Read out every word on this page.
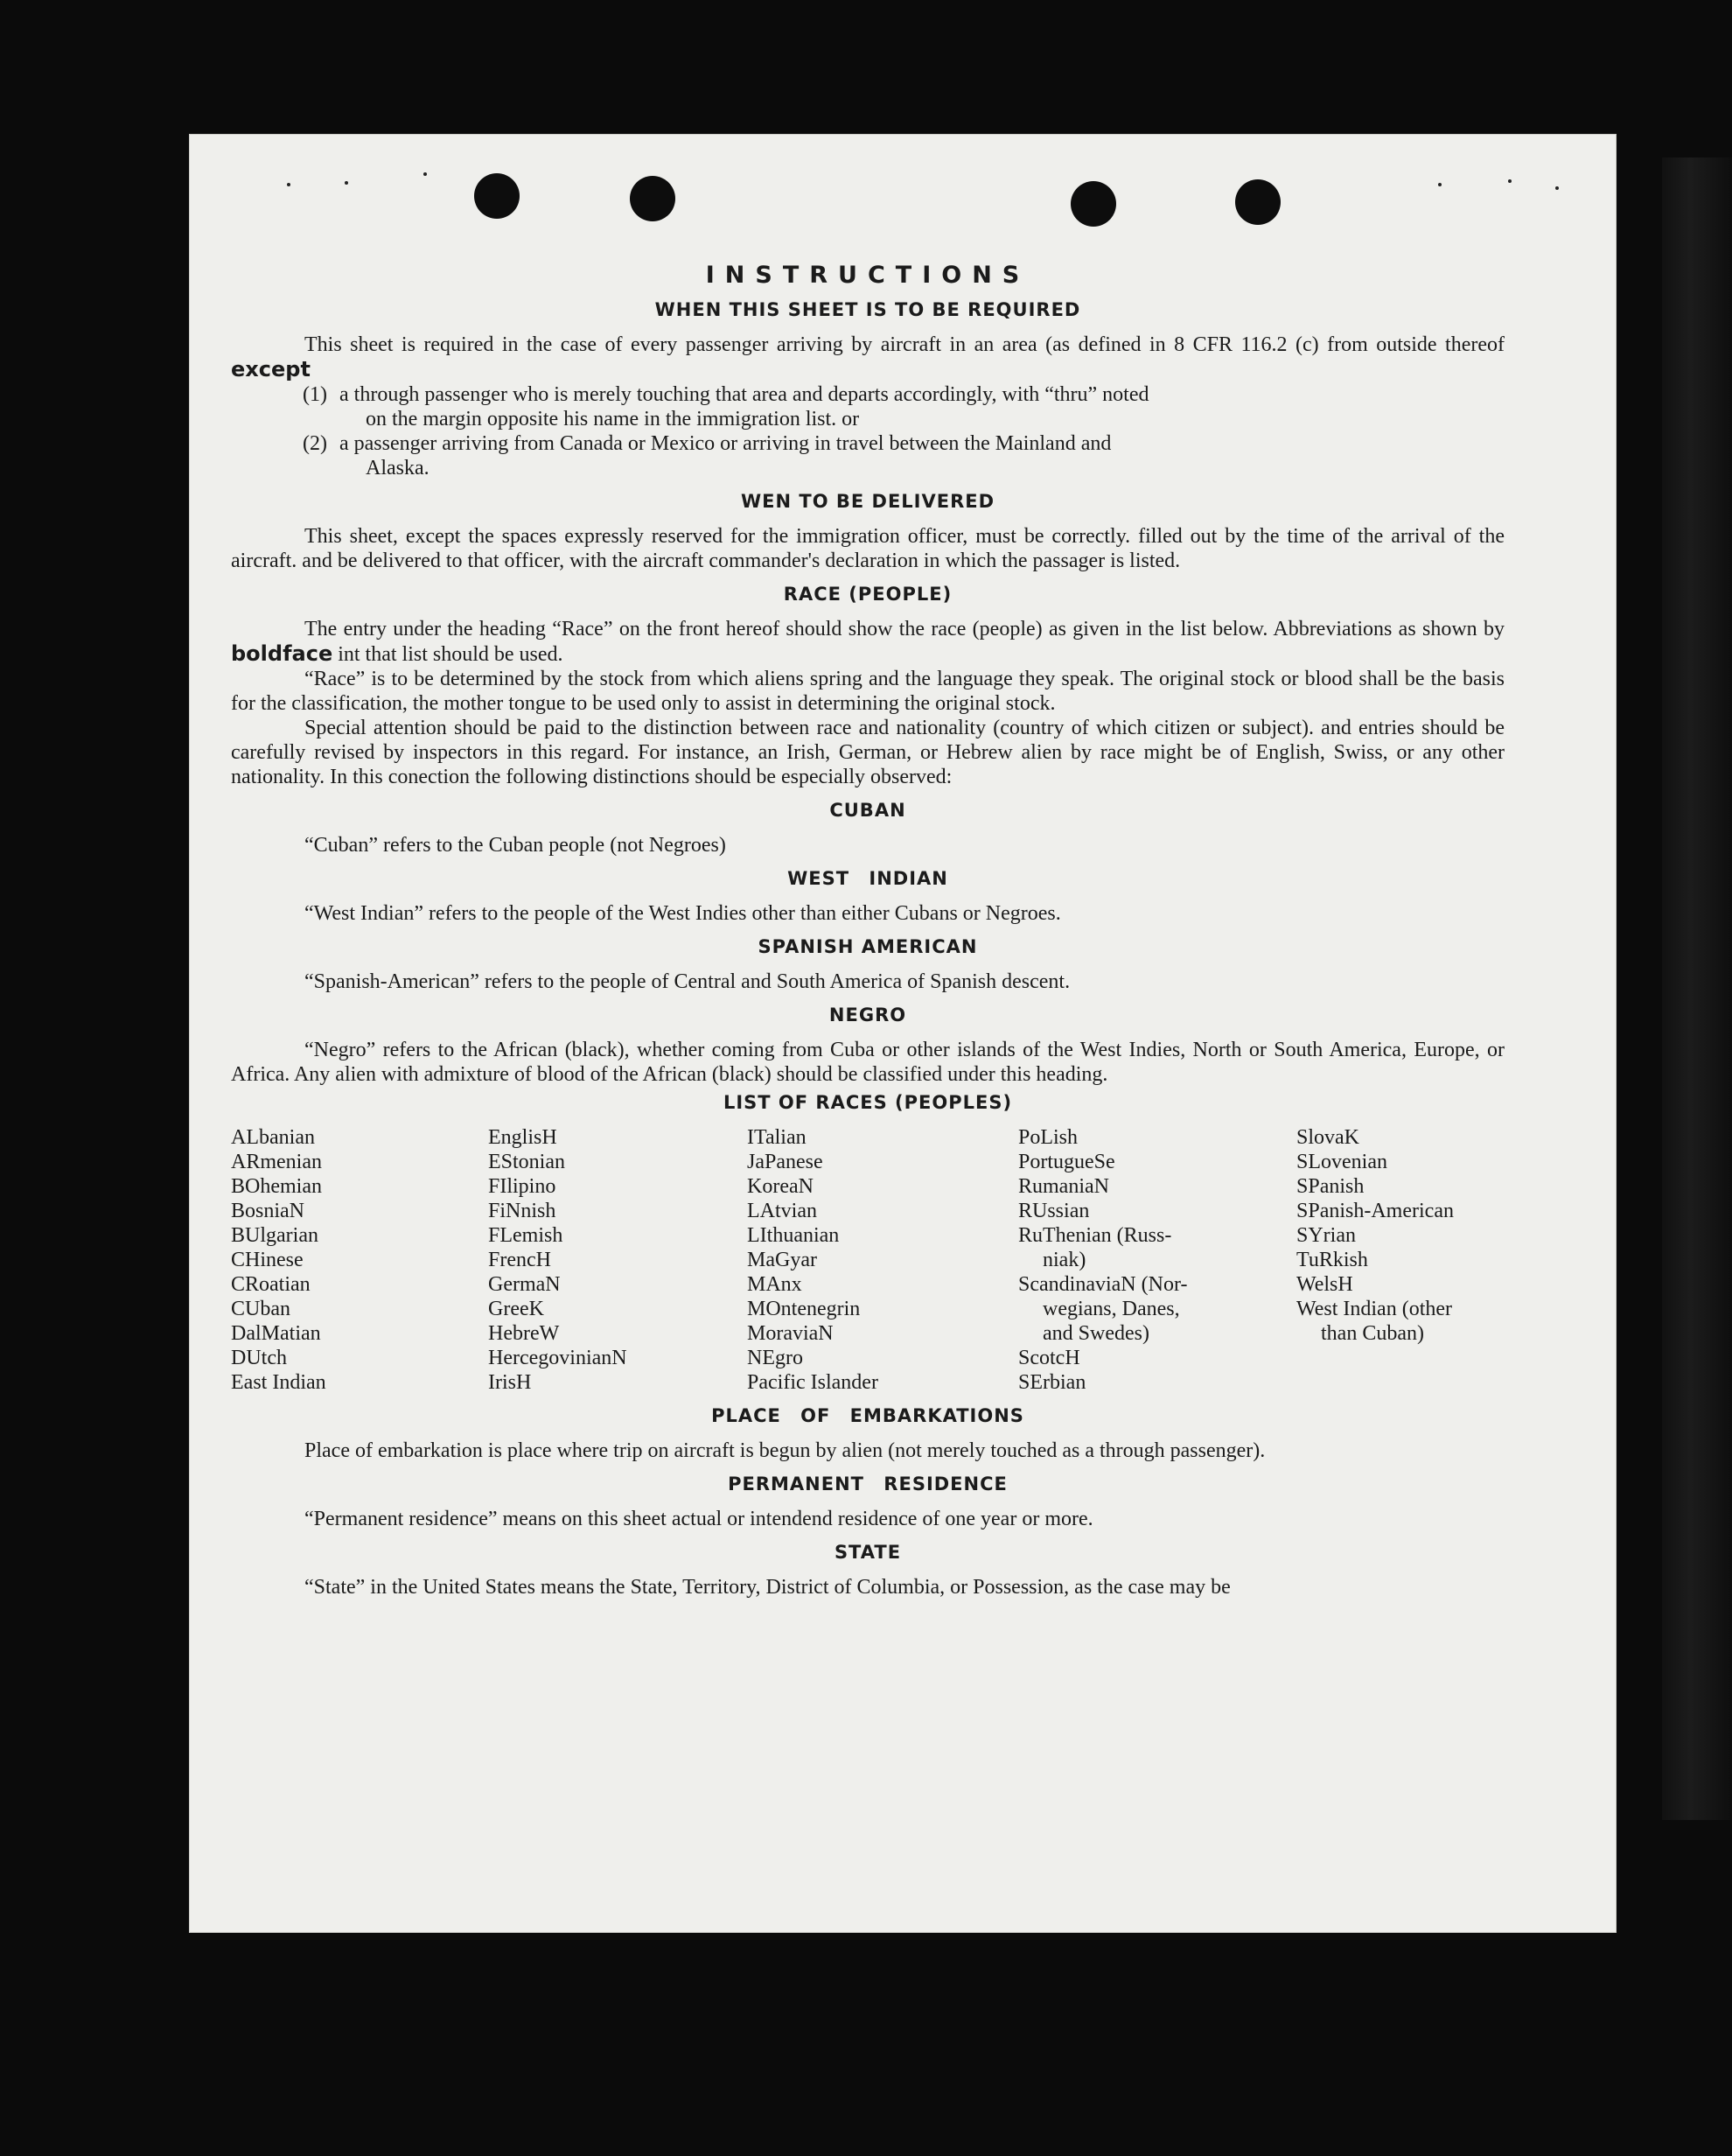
INSTRUCTIONS
WHEN THIS SHEET IS TO BE REQUIRED

This sheet is required in the case of every passenger arriving by aircraft in an area (as defined in 8 CFR 116.2 (c) from outside thereof except

(1) a through passenger who is merely touching that area and departs accordingly, with “thru” noted
on the margin opposite his name in the immigration list. or
(2) a passenger arriving from Canada or Mexico or arriving in travel between the Mainland and
Alaska.
WEN TO BE DELIVERED

This sheet, except the spaces expressly reserved for the immigration officer, must be correctly. filled out by the time of the arrival of the aircraft. and be delivered to that officer, with the aircraft commander's declaration in which the passager is listed.

RACE (PEOPLE)

The entry under the heading “Race” on the front hereof should show the race (people) as given in the list below. Abbreviations as shown by boldface int that list should be used.

“Race” is to be determined by the stock from which aliens spring and the language they speak. The original stock or blood shall be the basis for the classification, the mother tongue to be used only to assist in determining the original stock.

Special attention should be paid to the distinction between race and nationality (country of which citizen or subject). and entries should be carefully revised by inspectors in this regard. For instance, an Irish, German, or Hebrew alien by race might be of English, Swiss, or any other nationality. In this conection the following distinctions should be especially observed:

CUBAN

“Cuban” refers to the Cuban people (not Negroes)

WEST INDIAN

“West Indian” refers to the people of the West Indies other than either Cubans or Negroes.

SPANISH AMERICAN

“Spanish-American” refers to the people of Central and South America of Spanish descent.

NEGRO

“Negro” refers to the African (black), whether coming from Cuba or other islands of the West Indies, North or South America, Europe, or Africa. Any alien with admixture of blood of the African (black) should be classified under this heading.

LIST OF RACES (PEOPLES)
ALbanian
ARmenian
BOhemian
BosniaN
BUlgarian
CHinese
CRoatian
CUban
DalMatian
DUtch
East Indian
EnglisH
EStonian
FIlipino
FiNnish
FLemish
FrencH
GermaN
GreeK
HebreW
HercegovinianN
IrisH
ITalian
JaPanese
KoreaN
LAtvian
LIthuanian
MaGyar
MAnx
MOntenegrin
MoraviaN
NEgro
Pacific Islander
PoLish
PortugueSe
RumaniaN
RUssian
RuThenian (Russ-
niak)
ScandinaviaN (Nor-
wegians, Danes,
and Swedes)
ScotcH
SErbian
SlovaK
SLovenian
SPanish
SPanish-American
SYrian
TuRkish
WelsH
West Indian (other
than Cuban)
PLACE OF EMBARKATIONS

Place of embarkation is place where trip on aircraft is begun by alien (not merely touched as a through passenger).

PERMANENT RESIDENCE

“Permanent residence” means on this sheet actual or intendend residence of one year or more.

STATE

“State” in the United States means the State, Territory, District of Columbia, or Possession, as the case may be
